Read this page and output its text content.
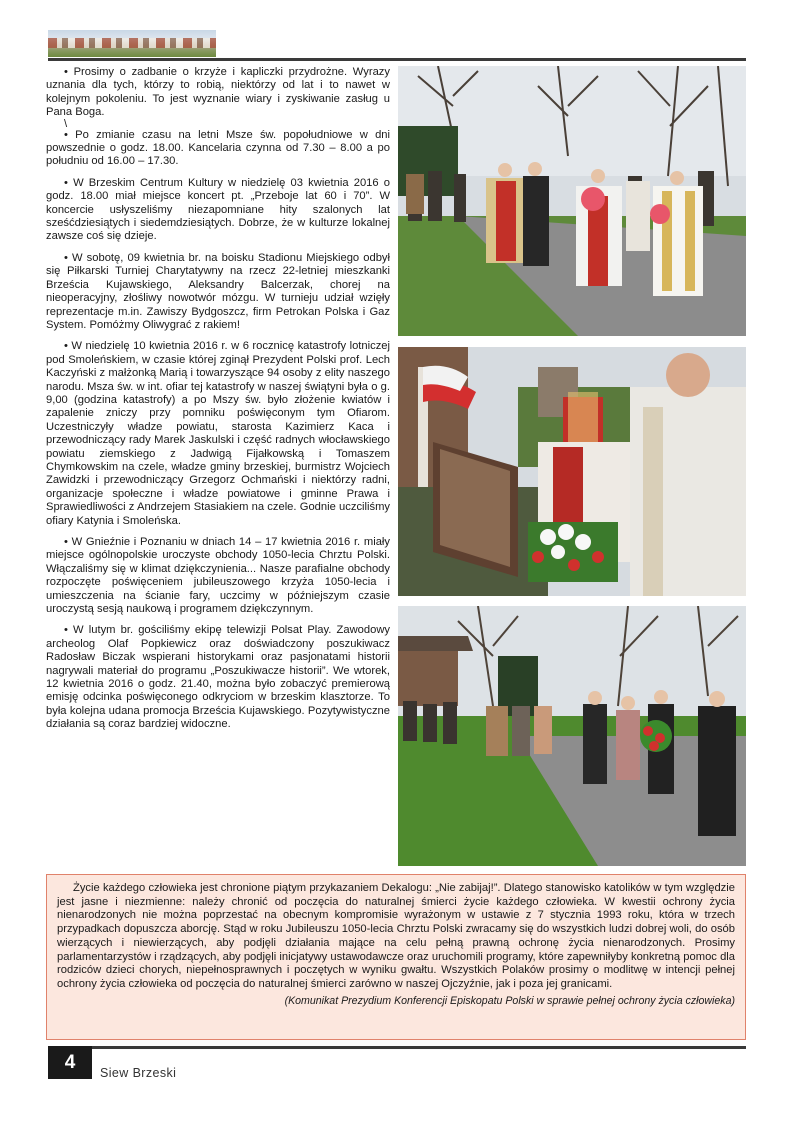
• Prosimy o zadbanie o krzyże i kapliczki przydrożne. Wyrazy uznania dla tych, którzy to robią, niektórzy od lat i to nawet w kolejnym pokoleniu. To jest wyznanie wiary i zyskiwanie zasług u Pana Boga.

\

• Po zmianie czasu na letni Msze św. popołudniowe w dni powszednie o godz. 18.00. Kancelaria czynna od 7.30 – 8.00 a po południu od 16.00 – 17.30.

• W Brzeskim Centrum Kultury w niedzielę 03 kwietnia 2016 o godz. 18.00 miał miejsce koncert pt. „Przeboje lat 60 i 70”. W koncercie usłyszeliśmy niezapomniane hity szalonych lat sześćdziesiątych i siedemdziesiątych. Dobrze, że w kulturze lokalnej zawsze coś się dzieje.

• W sobotę, 09 kwietnia br. na boisku Stadionu Miejskiego odbył się Piłkarski Turniej Charytatywny na rzecz 22-letniej mieszkanki Brześcia Kujawskiego, Aleksandry Balcerzak, chorej na nieoperacyjny, złośliwy nowotwór mózgu. W turnieju udział wzięły reprezentacje m.in. Zawiszy Bydgoszcz, firm Petrokan Polska i Gaz System. Pomóżmy Oliwygrać z rakiem!

• W niedzielę 10 kwietnia 2016 r. w 6 rocznicę katastrofy lotniczej pod Smoleńskiem, w czasie której zginął Prezydent Polski prof. Lech Kaczyński z małżonką Marią i towarzyszące 94 osoby z elity naszego narodu. Msza św. w int. ofiar tej katastrofy w naszej świątyni była o g. 9,00 (godzina katastrofy) a po Mszy św. było złożenie kwiatów i zapalenie zniczy przy pomniku poświęconym tym Ofiarom. Uczestniczyły władze powiatu, starosta Kazimierz Kaca i przewodniczący rady Marek Jaskulski i część radnych włocławskiego powiatu ziemskiego z Jadwigą Fijałkowską i Tomaszem Chymkowskim na czele, władze gminy brzeskiej, burmistrz Wojciech Zawidzki i przewodniczący Grzegorz Ochmański i niektórzy radni, organizacje społeczne i władze powiatowe i gminne Prawa i Sprawiedliwości z Andrzejem Stasiakiem na czele. Godnie uczciliśmy ofiary Katynia i Smoleńska.

• W Gnieźnie i Poznaniu w dniach 14 – 17 kwietnia 2016 r. miały miejsce ogólnopolskie uroczyste obchody 1050-lecia Chrztu Polski. Włączaliśmy się w klimat dziękczynienia... Nasze parafialne obchody rozpoczęte poświęceniem jubileuszowego krzyża 1050-lecia i umieszczenia na ścianie fary, uczcimy w późniejszym czasie uroczystą sesją naukową i programem dziękczynnym.

• W lutym br. gościliśmy ekipę telewizji Polsat Play. Zawodowy archeolog Olaf Popkiewicz oraz doświadczony poszukiwacz Radosław Biczak wspierani historykami oraz pasjonatami historii nagrywali materiał do programu „Poszukiwacze historii”. We wtorek, 12 kwietnia 2016 o godz. 21.40, można było zobaczyć premierową emisję odcinka poświęconego odkryciom w brzeskim klasztorze. To była kolejna udana promocja Brześcia Kujawskiego. Pozytywistyczne działania są coraz bardziej widoczne.

Życie każdego człowieka jest chronione piątym przykazaniem Dekalogu: „Nie zabijaj!”. Dlatego stanowisko katolików w tym względzie jest jasne i niezmienne: należy chronić od poczęcia do naturalnej śmierci życie każdego człowieka. W kwestii ochrony życia nienarodzonych nie można poprzestać na obecnym kompromisie wyrażonym w ustawie z 7 stycznia 1993 roku, która w trzech przypadkach dopuszcza aborcję. Stąd w roku Jubileuszu 1050-lecia Chrztu Polski zwracamy się do wszystkich ludzi dobrej woli, do osób wierzących i niewierzących, aby podjęli działania mające na celu pełną prawną ochronę życia nienarodzonych. Prosimy parlamentarzystów i rządzących, aby podjęli inicjatywy ustawodawcze oraz uruchomili programy, które zapewniłyby konkretną pomoc dla rodziców dzieci chorych, niepełnosprawnych i poczętych w wyniku gwałtu. Wszystkich Polaków prosimy o modlitwę w intencji pełnej ochrony życia człowieka od poczęcia do naturalnej śmierci zarówno w naszej Ojczyźnie, jak i poza jej granicami.

(Komunikat Prezydium Konferencji Episkopatu Polski w sprawie pełnej ochrony życia człowieka)

4	Siew Brzeski
